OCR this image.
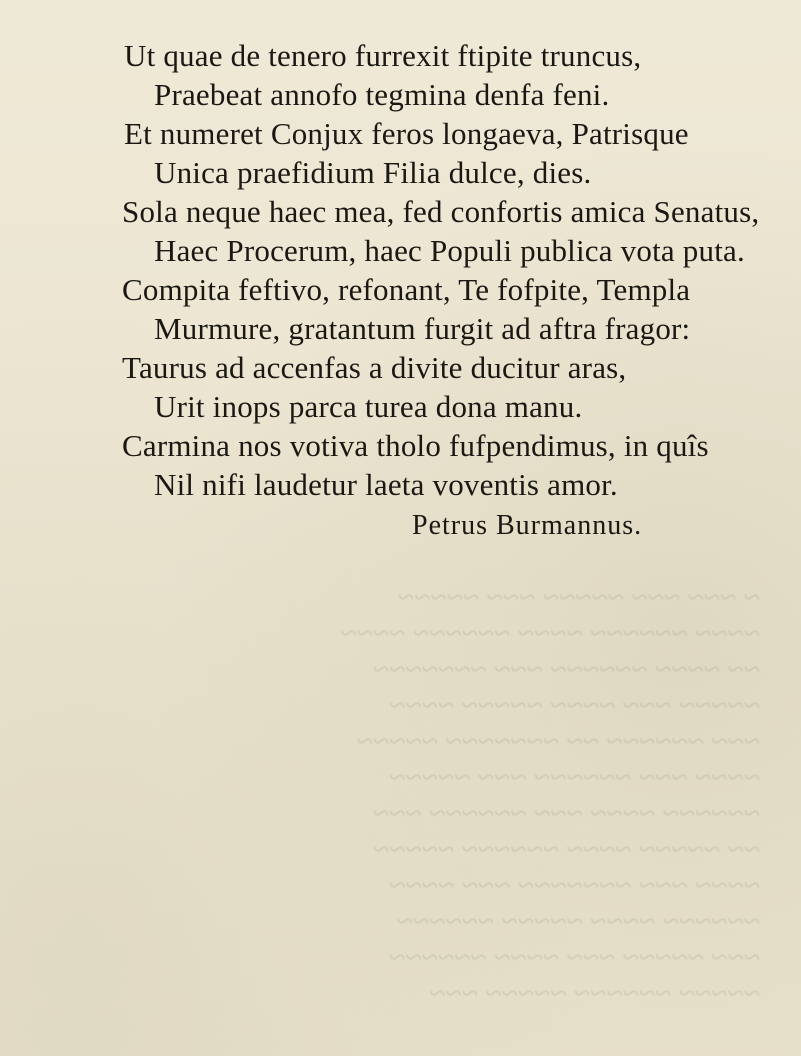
~ ~~~ ~~~ ~~~~~ ~~~ ~~~~~
~~~~ ~~~~~~ ~~~~ ~~~~~~ ~~~~
~~ ~~~~ ~~~~~~ ~~~ ~~~~~~~
~~~~~ ~~~ ~~~~ ~~~~~ ~~~~
~~~ ~~~~~~ ~~ ~~~~~~~ ~~~~~
~~~~ ~~~ ~~~~~~ ~~~ ~~~~~
~~~~~~ ~~~~ ~~~ ~~~~~~ ~~~
~~ ~~~~~ ~~~~ ~~~~~~ ~~~~~
~~~~ ~~~ ~~~~~~~ ~~~ ~~~~
~~~~~~ ~~~~ ~~~~~ ~~~~~~
~~~ ~~~~~ ~~~ ~~~~ ~~~~~~
~~~~~ ~~~~~~ ~~~~~ ~~~
Ut quae de tenero furrexit ftipite truncus,
Praebeat annofo tegmina denfa feni.
Et numeret Conjux feros longaeva, Patrisque
Unica praefidium Filia dulce, dies.
Sola neque haec mea, fed confortis amica Senatus,
Haec Procerum, haec Populi publica vota puta.
Compita feftivo, refonant, Te fofpite, Templa
Murmure, gratantum furgit ad aftra fragor:
Taurus ad accenfas a divite ducitur aras,
Urit inops parca turea dona manu.
Carmina nos votiva tholo fufpendimus, in quîs
Nil nifi laudetur laeta voventis amor.
Petrus Burmannus.
